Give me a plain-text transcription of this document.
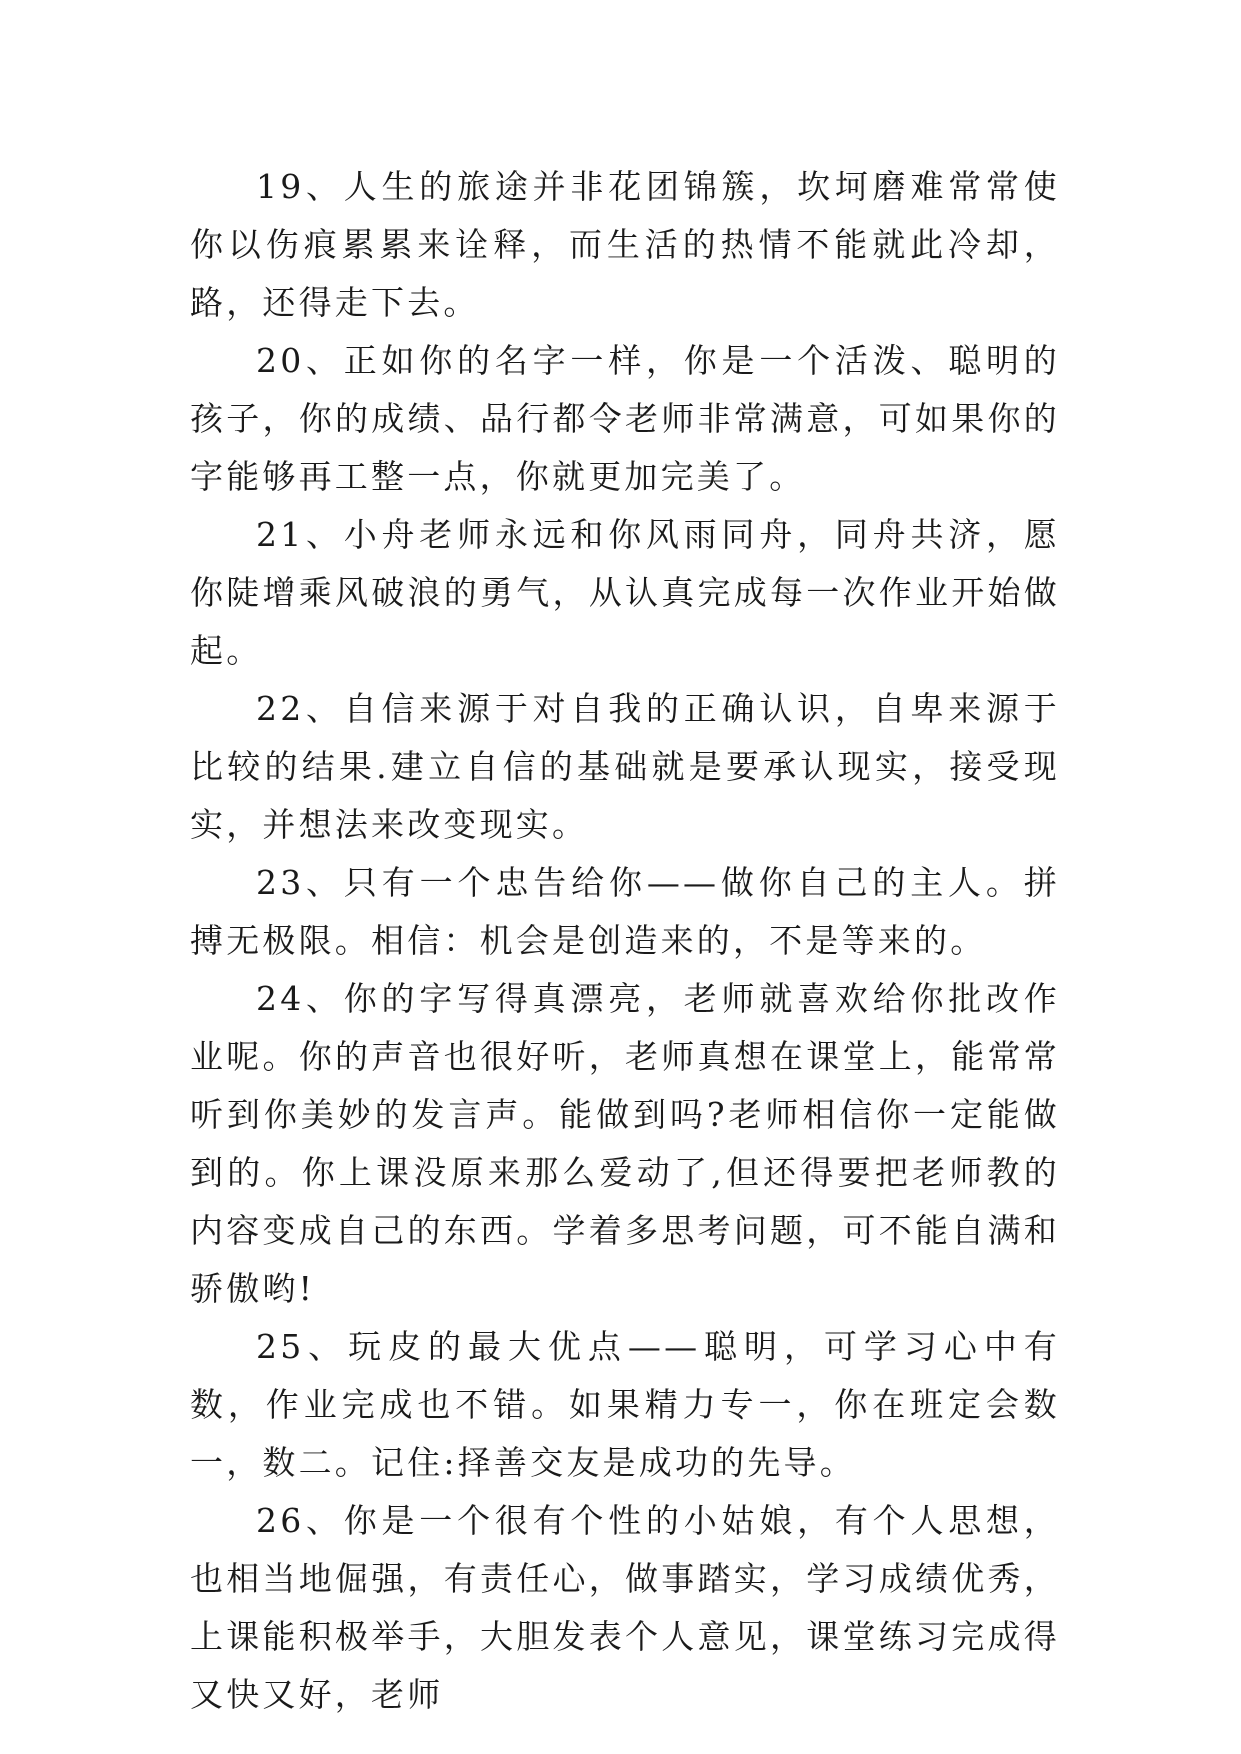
19、人生的旅途并非花团锦簇，坎坷磨难常常使你以伤痕累累来诠释，而生活的热情不能就此冷却，路，还得走下去。

20、正如你的名字一样，你是一个活泼、聪明的孩子，你的成绩、品行都令老师非常满意，可如果你的字能够再工整一点，你就更加完美了。

21、小舟老师永远和你风雨同舟，同舟共济，愿你陡增乘风破浪的勇气，从认真完成每一次作业开始做起。

22、自信来源于对自我的正确认识，自卑来源于比较的结果.建立自信的基础就是要承认现实，接受现实，并想法来改变现实。

23、只有一个忠告给你——做你自己的主人。拼搏无极限。相信：机会是创造来的，不是等来的。

24、你的字写得真漂亮，老师就喜欢给你批改作业呢。你的声音也很好听，老师真想在课堂上，能常常听到你美妙的发言声。能做到吗?老师相信你一定能做到的。你上课没原来那么爱动了,但还得要把老师教的内容变成自己的东西。学着多思考问题，可不能自满和骄傲哟!

25、玩皮的最大优点——聪明，可学习心中有数，作业完成也不错。如果精力专一，你在班定会数一，数二。记住:择善交友是成功的先导。

26、你是一个很有个性的小姑娘，有个人思想，也相当地倔强，有责任心，做事踏实，学习成绩优秀，上课能积极举手，大胆发表个人意见，课堂练习完成得又快又好，老师
